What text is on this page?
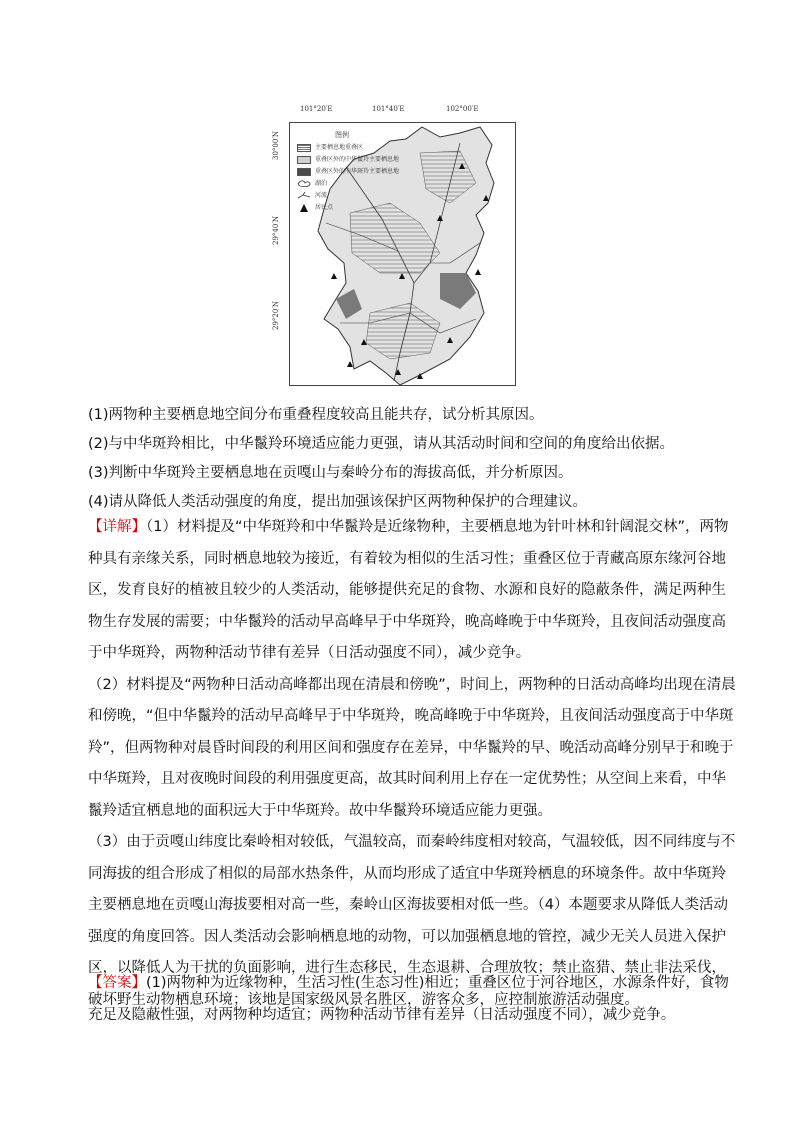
101°20′E	101°40′E	102°00′E
30°00′N
29°40′N
29°20′N
图例
主要栖息地重叠区
重叠区外的中华鬣羚主要栖息地
重叠区外的中华斑羚主要栖息地
湖泊
河流
居民点
(1)两物种主要栖息地空间分布重叠程度较高且能共存，试分析其原因。
(2)与中华斑羚相比，中华鬣羚环境适应能力更强，请从其活动时间和空间的角度给出依据。
(3)判断中华斑羚主要栖息地在贡嘎山与秦岭分布的海拔高低，并分析原因。
(4)请从降低人类活动强度的角度，提出加强该保护区两物种保护的合理建议。
【详解】（1）材料提及“中华斑羚和中华鬣羚是近缘物种，主要栖息地为针叶林和针阔混交林”，两物种具有亲缘关系，同时栖息地较为接近，有着较为相似的生活习性；重叠区位于青藏高原东缘河谷地区，发育良好的植被且较少的人类活动，能够提供充足的食物、水源和良好的隐蔽条件，满足两种生物生存发展的需要；中华鬣羚的活动早高峰早于中华斑羚，晚高峰晚于中华斑羚，且夜间活动强度高于中华斑羚，两物种活动节律有差异（日活动强度不同），减少竞争。
（2）材料提及“两物种日活动高峰都出现在清晨和傍晚”，时间上，两物种的日活动高峰均出现在清晨和傍晚，“但中华鬣羚的活动早高峰早于中华斑羚，晚高峰晚于中华斑羚，且夜间活动强度高于中华斑羚”，但两物种对晨昏时间段的利用区间和强度存在差异，中华鬣羚的早、晚活动高峰分别早于和晚于中华斑羚，且对夜晚时间段的利用强度更高，故其时间利用上存在一定优势性；从空间上来看，中华鬣羚适宜栖息地的面积远大于中华斑羚。故中华鬣羚环境适应能力更强。
（3）由于贡嘎山纬度比秦岭相对较低，气温较高，而秦岭纬度相对较高，气温较低，因不同纬度与不同海拔的组合形成了相似的局部水热条件，从而均形成了适宜中华斑羚栖息的环境条件。故中华斑羚主要栖息地在贡嘎山海拔要相对高一些，秦岭山区海拔要相对低一些。（4）本题要求从降低人类活动强度的角度回答。因人类活动会影响栖息地的动物，可以加强栖息地的管控，减少无关人员进入保护区，以降低人为干扰的负面影响，进行生态移民，生态退耕、合理放牧；禁止盗猎、禁止非法采伐，破坏野生动物栖息环境；该地是国家级风景名胜区，游客众多，应控制旅游活动强度。
【答案】(1)两物种为近缘物种，生活习性(生态习性)相近；重叠区位于河谷地区，水源条件好，食物充足及隐蔽性强，对两物种均适宜；两物种活动节律有差异（日活动强度不同），减少竞争。
